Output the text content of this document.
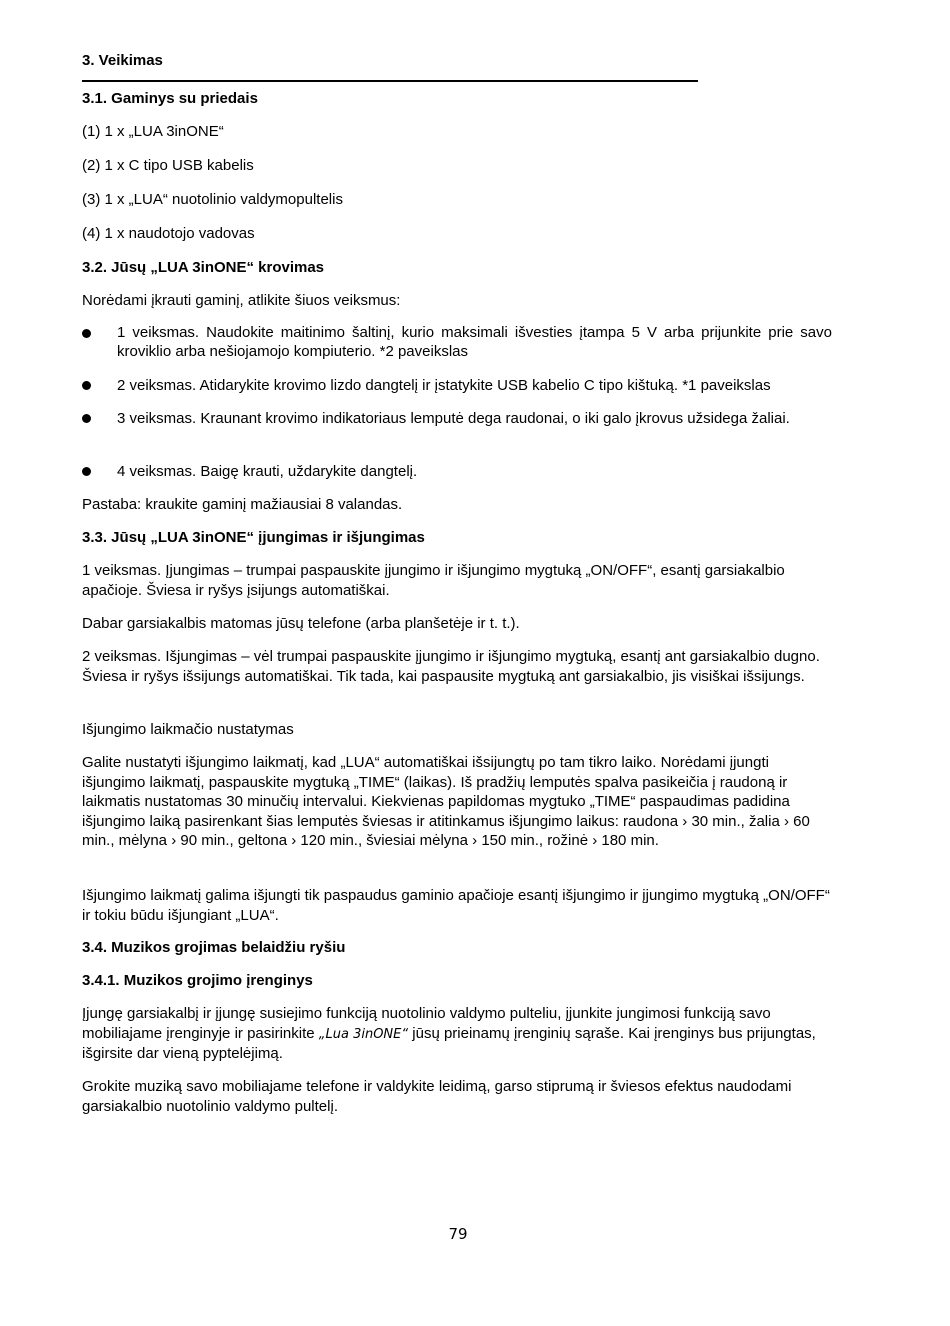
3. Veikimas
3.1. Gaminys su priedais
(1) 1 x „LUA 3inONE“
(2) 1 x C tipo USB kabelis
(3) 1 x „LUA“ nuotolinio valdymopultelis
(4) 1 x naudotojo vadovas
3.2. Jūsų „LUA 3inONE“ krovimas
Norėdami įkrauti gaminį, atlikite šiuos veiksmus:
1 veiksmas. Naudokite maitinimo šaltinį, kurio maksimali išvesties įtampa 5 V arba prijunkite prie savo kroviklio arba nešiojamojo kompiuterio. *2 paveikslas
2 veiksmas. Atidarykite krovimo lizdo dangtelį ir įstatykite USB kabelio C tipo kištuką. *1 paveikslas
3 veiksmas. Kraunant krovimo indikatoriaus lemputė dega raudonai, o iki galo įkrovus užsidega žaliai.
4 veiksmas. Baigę krauti, uždarykite dangtelį.
Pastaba: kraukite gaminį mažiausiai 8 valandas.
3.3. Jūsų „LUA 3inONE“ įjungimas ir išjungimas
1 veiksmas. Įjungimas – trumpai paspauskite įjungimo ir išjungimo mygtuką „ON/OFF“, esantį garsiakalbio apačioje. Šviesa ir ryšys įsijungs automatiškai.
Dabar garsiakalbis matomas jūsų telefone (arba planšetėje ir t. t.).
2 veiksmas. Išjungimas – vėl trumpai paspauskite įjungimo ir išjungimo mygtuką, esantį ant garsiakalbio dugno. Šviesa ir ryšys išsijungs automatiškai. Tik tada, kai paspausite mygtuką ant garsiakalbio, jis visiškai išsijungs.
Išjungimo laikmačio nustatymas
Galite nustatyti išjungimo laikmatį, kad „LUA“ automatiškai išsijungtų po tam tikro laiko. Norėdami įjungti išjungimo laikmatį, paspauskite mygtuką „TIME“ (laikas). Iš pradžių lemputės spalva pasikeičia į raudoną ir laikmatis nustatomas 30 minučių intervalui. Kiekvienas papildomas mygtuko „TIME“ paspaudimas padidina išjungimo laiką pasirenkant šias lemputės šviesas ir atitinkamus išjungimo laikus: raudona › 30 min., žalia › 60 min., mėlyna › 90 min., geltona › 120 min., šviesiai mėlyna › 150 min., rožinė › 180 min.
Išjungimo laikmatį galima išjungti tik paspaudus gaminio apačioje esantį išjungimo ir įjungimo mygtuką „ON/OFF“ ir tokiu būdu išjungiant „LUA“.
3.4. Muzikos grojimas belaidžiu ryšiu
3.4.1. Muzikos grojimo įrenginys
Įjungę garsiakalbį ir įjungę susiejimo funkciją nuotolinio valdymo pulteliu, įjunkite jungimosi funkciją savo mobiliajame įrenginyje ir pasirinkite „Lua 3inONE“ jūsų prieinamų įrenginių sąraše. Kai įrenginys bus prijungtas, išgirsite dar vieną pyptelėjimą.
Grokite muziką savo mobiliajame telefone ir valdykite leidimą, garso stiprumą ir šviesos efektus naudodami garsiakalbio nuotolinio valdymo pultelį.
79
